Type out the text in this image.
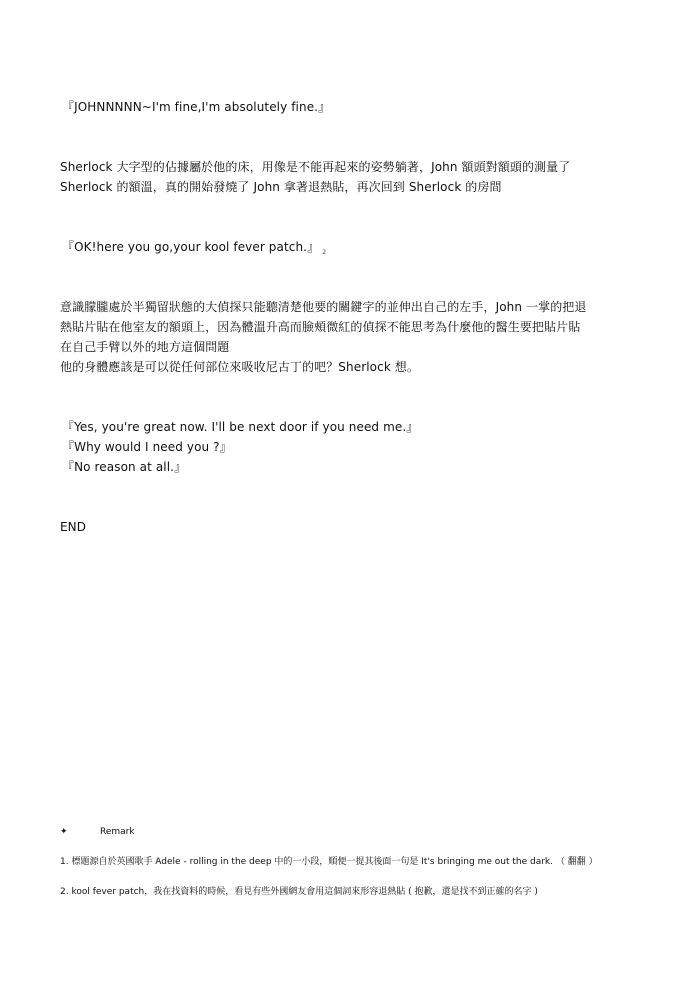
『JOHNNNNN~I'm fine,I'm absolutely fine.』
Sherlock 大字型的佔據屬於他的床，用像是不能再起來的姿勢躺著，John 額頭對額頭的測量了
Sherlock 的額溫，真的開始發燒了 John 拿著退熱貼，再次回到 Sherlock 的房間
『OK!here you go,your kool fever patch.』 $_2$
意識朦朧處於半獨留狀態的大偵探只能聽清楚他要的關鍵字的並伸出自己的左手，John 一掌的把退
熱貼片貼在他室友的額頭上，因為體溫升高而臉頰微紅的偵探不能思考為什麼他的醫生要把貼片貼
在自己手臂以外的地方這個問題
他的身體應該是可以從任何部位來吸收尼古丁的吧？Sherlock 想。
『Yes, you're great now. I'll be next door if you need me.』
『Why would I need you ?』
『No reason at all.』
END
✦	Remark
1. 標題源自於英國歌手 Adele - rolling in the deep 中的一小段，順便一提其後面一句是 It's bringing me out the dark. （ 翻翻 ）
2. kool fever patch，我在找資料的時候，看見有些外國網友會用這個詞來形容退熱貼 ( 抱歉，還是找不到正確的名字 )
